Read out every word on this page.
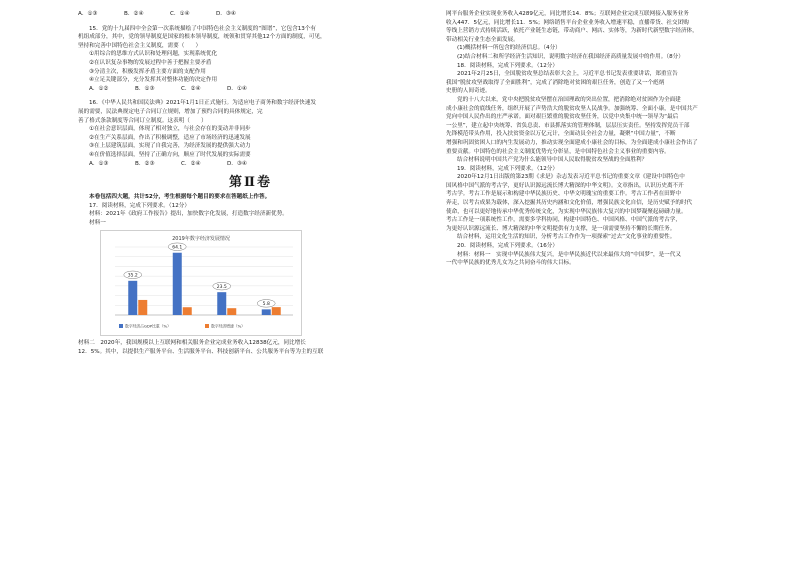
A．①③	B．②④	C．①④	D．③④
15．党的十九届四中全会第一次系统描绘了中国特色社会主义制度的“图谱”，它包含13个有
机组成部分，其中，党的领导制度是国家的根本领导制度，统领和贯穿其他12个方面的制度，可见，
坚持和完善中国特色社会主义制度，需要（　　）
①用综合的思维方式认识和处理问题，实现系统优化
②在认识复杂事物的发展过程中善于把握主要矛盾
③分清主次，积极发挥矛盾主要方面的支配作用
④立足关键部分，充分发挥其对整体功能的决定作用
A．①②	B．①③	C．②④	D．①④
16．《中华人民共和国民法典》2021年1月1日正式施行。为适应电子商务和数字经济快速发
展的需要，民法典规定电子合同订立规则，增加了预约合同的具体规定，完
善了格式条款制度等合同订立制度。这表明（　　）
①在社会意识层面，体现了相对独立，与社会存在的变动并非同步
②在生产关系层面，作出了积极调整，适应了市场经济的迅速发展
③在上层建筑层面，实现了自我完善，为经济发展的提供强大动力
④在价值选择层面，坚持了正确方向，顺应了时代发展的实际需要
A．①③	B．②③	C．②④	D．③④
第Ⅱ卷
本卷包括四大题，共计52分，考生根据每个题目的要求在答题纸上作答。
17．阅读材料，完成下列要求。（12分）
材料：2021年《政府工作报告》提出，加快数字化发展，打造数字经济新优势。
材料一
2019年数字经济发展情况
35.2
64.1
23.5
5.8
数字经济占GDP比重（%）	数字经济增速（%）
材料二　2020年，我国规模以上互联网和相关服务企业完成业务收入12838亿元，同比增长
12．5%。其中，以提供生产服务平台、生活服务平台、科技创新平台、公共服务平台等为主的互联
网平台服务企业实现业务收入4289亿元，同比增长14．8%；互联网企业完成互联网接入服务业务
收入447．5亿元，同比增长11．5%；网络销售平台企业业务收入增速平稳，直播带货、社交团购
等线上营销方式持续活跃，依托产业链生态链，带动商户、网店、实体等，为新时代新型数字经济体，
带动相关行业生态全面发展。
(1)概括材料一所包含的经济信息。（4分）
(2)结合材料二和所学经济生活知识，说明数字经济在我国经济高质量发展中的作用。（8分）
18．阅读材料，完成下列要求。（12分）
2021年2月25日，全国脱贫攻坚总结表彰大会上，习近平总书记发表重要讲话，郑重宣告
我国“脱贫攻坚战取得了全面胜利”，完成了消除绝对贫困的艰巨任务，创造了又一个彪炳
史册的人间奇迹。
党的十八大以来，党中央把脱贫攻坚摆在治国理政的突出位置，把消除绝对贫困作为全面建
成小康社会的底线任务，组织开展了声势浩大的脱贫攻坚人民战争。加强统筹、全面小康，是中国共产
党向中国人民作出的庄严承诺。面对艰巨繁重的脱贫攻坚任务，以党中央集中统一领导为“最后
一公里”，建立起中央统筹、省负总责、市县抓落实的管理体制，层层压实责任。坚持发挥党员干部
先锋模范带头作用，投入扶贫资金以万亿元计，全面动员全社会力量，凝聚“中国力量”，不断
增强和巩固贫困人口的内生发展动力，推动实现全面建成小康社会的目标，为全面建成小康社会作出了
重要贡献。中国特色的社会主义制度优势充分彰显，是中国特色社会主义事业的重要内容。
结合材料说明中国共产党为什么能领导中国人民取得脱贫攻坚战的全面胜利？
19．阅读材料，完成下列要求。（12分）
2020年12月1日出版的第23期《求是》杂志发表习近平总书记的重要文章《建设中国特色中
国风格中国气派的考古学，更好认识源远流长博大精深的中华文明》。文章指出，认识历史离不开
考古学。考古工作是展示和构建中华民族历史、中华文明瑰宝的重要工作。考古工作者在田野中
奔走，以考古成果为载体，深入挖掘其历史内涵和文化价值，增强民族文化自信，是历史赋予的时代
使命，也可以更好地传承中华优秀传统文化，为实现中华民族伟大复兴的中国梦凝聚起磅礴力量。
考古工作是一项系统性工作，需要多学科协同，构建中国特色、中国风格、中国气派的考古学，
为更好认识源远流长、博大精深的中华文明提供有力支撑，是一项需要坚持不懈的长期任务。
结合材料，运用文化生活的知识，分析考古工作作为一项探索“过去”文化事业的重要性。
20．阅读材料，完成下列要求。（16分）
材料：材料一　实现中华民族伟大复兴，是中华民族近代以来最伟大的“中国梦”，是一代又
一代中华民族的优秀儿女为之共同奋斗的伟大目标。
